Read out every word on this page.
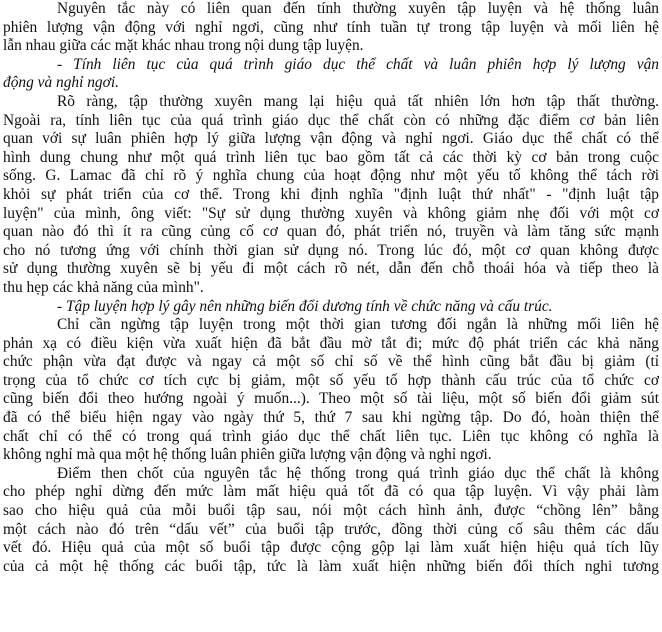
Nguyên tắc này có liên quan đến tính thường xuyên tập luyện và hệ thống luân
phiên lượng vận động với nghỉ ngơi, cũng như tính tuần tự trong tập luyện và mối liên hệ
lẫn nhau giữa các mặt khác nhau trong nội dung tập luyện.
- Tính liên tục của quá trình giáo dục thể chất và luân phiên hợp lý lượng vận
động và nghỉ ngơi.
Rõ ràng, tập thường xuyên mang lại hiệu quả tất nhiên lớn hơn tập thất thường.
Ngoài ra, tính liên tục của quá trình giáo dục thể chất còn có những đặc điểm cơ bản liên
quan với sự luân phiên hợp lý giữa lượng vận động và nghỉ ngơi. Giáo dục thể chất có thể
hình dung chung như một quá trình liên tục bao gồm tất cả các thời kỳ cơ bản trong cuộc
sống. G. Lamac đã chỉ rõ ý nghĩa chung của hoạt động như một yếu tố không thể tách rời
khỏi sự phát triển của cơ thể. Trong khi định nghĩa "định luật thứ nhất" - "định luật tập
luyện" của mình, ông viết: "Sự sử dụng thường xuyên và không giảm nhẹ đối với một cơ
quan nào đó thì ít ra cũng củng cố cơ quan đó, phát triển nó, truyền và làm tăng sức mạnh
cho nó tương ứng với chính thời gian sử dụng nó. Trong lúc đó, một cơ quan không được
sử dụng thường xuyên sẽ bị yếu đi một cách rõ nét, dẫn đến chỗ thoái hóa và tiếp theo là
thu hẹp các khả năng của mình".
- Tập luyện hợp lý gây nên những biến đổi dương tính về chức năng và cấu trúc.
Chỉ cần ngừng tập luyện trong một thời gian tương đối ngắn là những mối liên hệ
phản xạ có điều kiện vừa xuất hiện đã bắt đầu mờ tắt đi; mức độ phát triển các khả năng
chức phận vừa đạt được và ngay cả một số chỉ số về thể hình cũng bắt đầu bị giảm (tỉ
trọng của tổ chức cơ tích cực bị giảm, một số yếu tố hợp thành cấu trúc của tổ chức cơ
cũng biến đổi theo hướng ngoài ý muốn...). Theo một số tài liệu, một số biến đổi giảm sút
đã có thể biểu hiện ngay vào ngày thứ 5, thứ 7 sau khi ngừng tập. Do đó, hoàn thiện thể
chất chỉ có thể có trong quá trình giáo dục thể chất liên tục. Liên tục không có nghĩa là
không nghỉ mà qua một hệ thống luân phiên giữa lượng vận động và nghỉ ngơi.
Điểm then chốt của nguyên tắc hệ thống trong quá trình giáo dục thể chất là không
cho phép nghỉ dừng đến mức làm mất hiệu quả tốt đã có qua tập luyện. Vì vậy phải làm
sao cho hiệu quả của mỗi buổi tập sau, nói một cách hình ảnh, được “chồng lên” bằng
một cách nào đó trên “dấu vết” của buổi tập trước, đồng thời củng cố sâu thêm các dấu
vết đó. Hiệu quả của một số buổi tập được cộng gộp lại làm xuất hiện hiệu quả tích lũy
của cả một hệ thống các buổi tập, tức là làm xuất hiện những biến đổi thích nghi tương
